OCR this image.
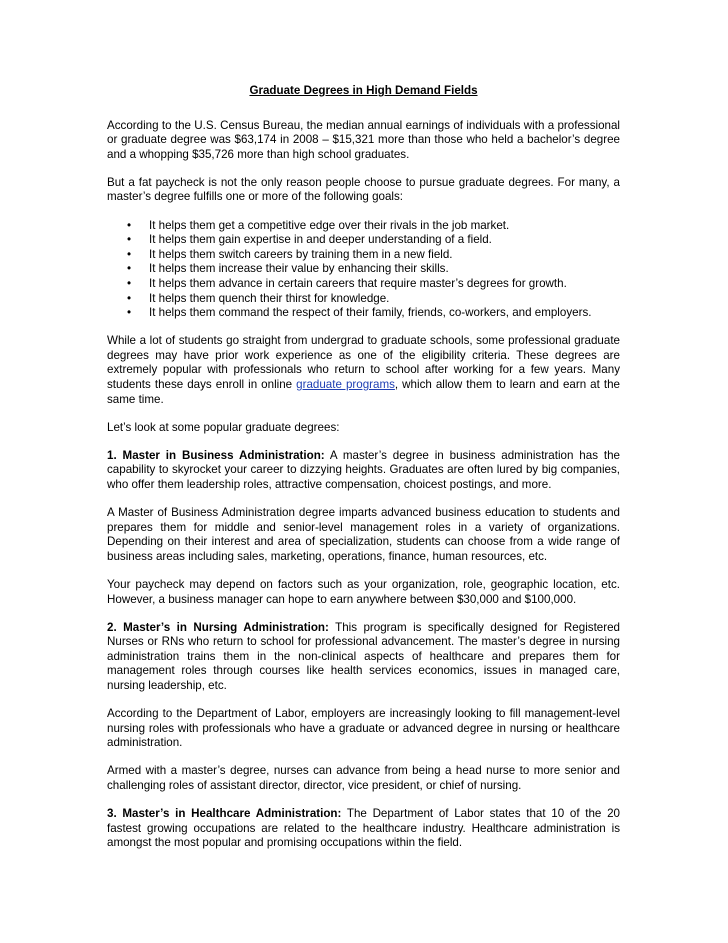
Graduate Degrees in High Demand Fields

According to the U.S. Census Bureau, the median annual earnings of individuals with a professional or graduate degree was $63,174 in 2008 – $15,321 more than those who held a bachelor’s degree and a whopping $35,726 more than high school graduates.

But a fat paycheck is not the only reason people choose to pursue graduate degrees. For many, a master’s degree fulfills one or more of the following goals:

• It helps them get a competitive edge over their rivals in the job market.
• It helps them gain expertise in and deeper understanding of a field.
• It helps them switch careers by training them in a new field.
• It helps them increase their value by enhancing their skills.
• It helps them advance in certain careers that require master’s degrees for growth.
• It helps them quench their thirst for knowledge.
• It helps them command the respect of their family, friends, co-workers, and employers.

While a lot of students go straight from undergrad to graduate schools, some professional graduate degrees may have prior work experience as one of the eligibility criteria. These degrees are extremely popular with professionals who return to school after working for a few years. Many students these days enroll in online graduate programs, which allow them to learn and earn at the same time.

Let’s look at some popular graduate degrees:

1. Master in Business Administration: A master’s degree in business administration has the capability to skyrocket your career to dizzying heights. Graduates are often lured by big companies, who offer them leadership roles, attractive compensation, choicest postings, and more.

A Master of Business Administration degree imparts advanced business education to students and prepares them for middle and senior-level management roles in a variety of organizations. Depending on their interest and area of specialization, students can choose from a wide range of business areas including sales, marketing, operations, finance, human resources, etc.

Your paycheck may depend on factors such as your organization, role, geographic location, etc. However, a business manager can hope to earn anywhere between $30,000 and $100,000.

2. Master’s in Nursing Administration: This program is specifically designed for Registered Nurses or RNs who return to school for professional advancement. The master’s degree in nursing administration trains them in the non-clinical aspects of healthcare and prepares them for management roles through courses like health services economics, issues in managed care, nursing leadership, etc.

According to the Department of Labor, employers are increasingly looking to fill management-level nursing roles with professionals who have a graduate or advanced degree in nursing or healthcare administration.

Armed with a master’s degree, nurses can advance from being a head nurse to more senior and challenging roles of assistant director, director, vice president, or chief of nursing.

3. Master’s in Healthcare Administration: The Department of Labor states that 10 of the 20 fastest growing occupations are related to the healthcare industry. Healthcare administration is amongst the most popular and promising occupations within the field.
